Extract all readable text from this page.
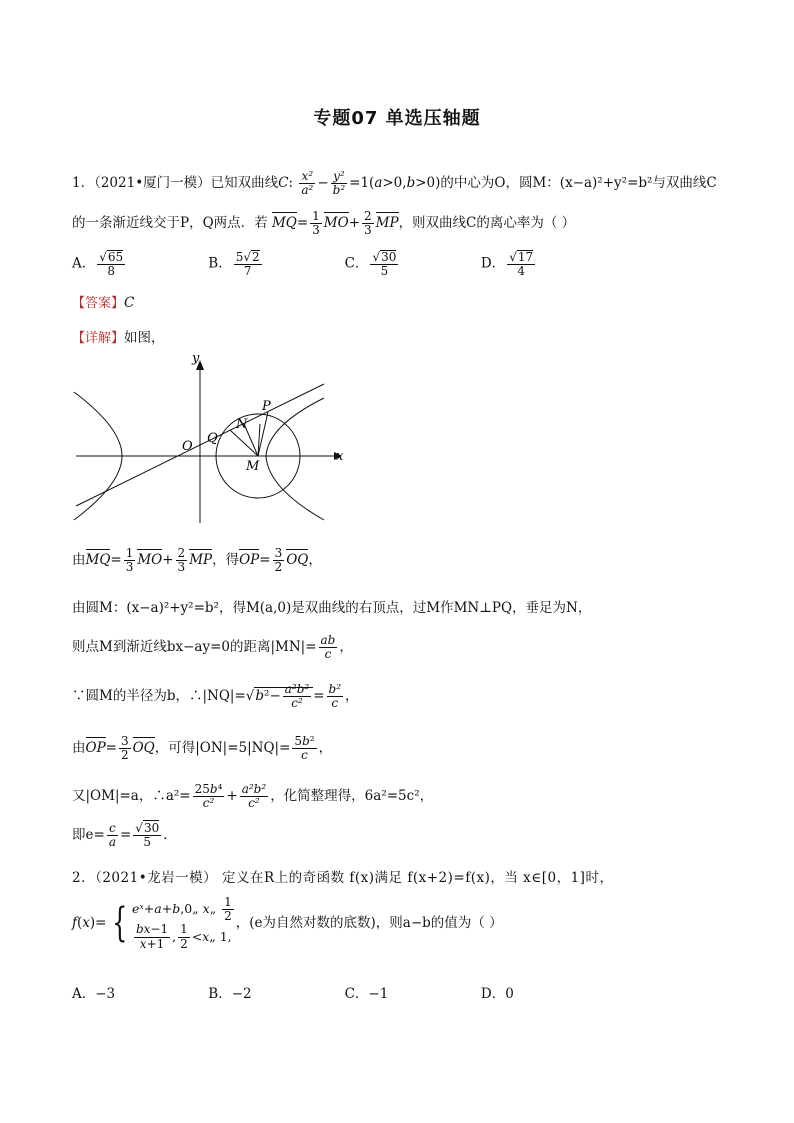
专题07 单选压轴题
1．（2021•厦门一模）已知双曲线C: $\frac{\text{x²}}{\text{a²}} - \frac{\text{y²}}{\text{b²}} =1(a>0,b>0)$的中心为O，圆M：(x−a)²+y²=b²与双曲线C
的一条渐近线交于P，Q两点．若 $MQ= \frac{1}{3} MO+ \frac{2}{3}$ MP，则双曲线C的离心率为（ ）
A． $\frac{√65}{8}$	B． $\frac{5√2}{7}$	C． $\frac{√30}{5}$	D． $\frac{√17}{4}$
【答案】C
【详解】如图，
y
x
O
Q
N
P
M
由$MQ= \frac{1}{3} MO+ \frac{2}{3}$ MP，得$OP= \frac{3}{2}$ OQ，
由圆M：(x−a)²+y²=b²，得M(a,0)是双曲线的右顶点，过M作MN⊥PQ，垂足为N，
则点M到渐近线bx−ay=0的距离$|MN|= \frac{ab}{c}$ ，
∵圆M的半径为b，∴|NQ|=√b²− $\frac{\text{a²b²}}{\text{c²}} = \frac{\text{b²}}{c}$ ，
由$OP= \frac{3}{2}$ OQ，可得$|ON|=5|NQ|= \frac{\text{5b²}}{c}$ ，
又|OM|=a，∴a²= $\frac{\text{25b⁴}}{\text{c²}} + \frac{\text{a²b²}}{\text{c²}}$ ，化简整理得，6a²=5c²，
即$e= \frac{c}{a} = \frac{√30}{5}$ ．
2．（2021•龙岩一模） 定义在R上的奇函数 f(x)满足 f(x+2)=f(x)，当 x∈[0，1]时，
f(x)= { eˣ+a+b,0„ x„ $\frac{1}{2}$

$\frac{bx-1}{x+1}$ , $\frac{1}{2}$ <x„ 1,，(e为自然对数的底数)，则a−b的值为（ ）
A．−3	B．−2	C．−1	D．0
